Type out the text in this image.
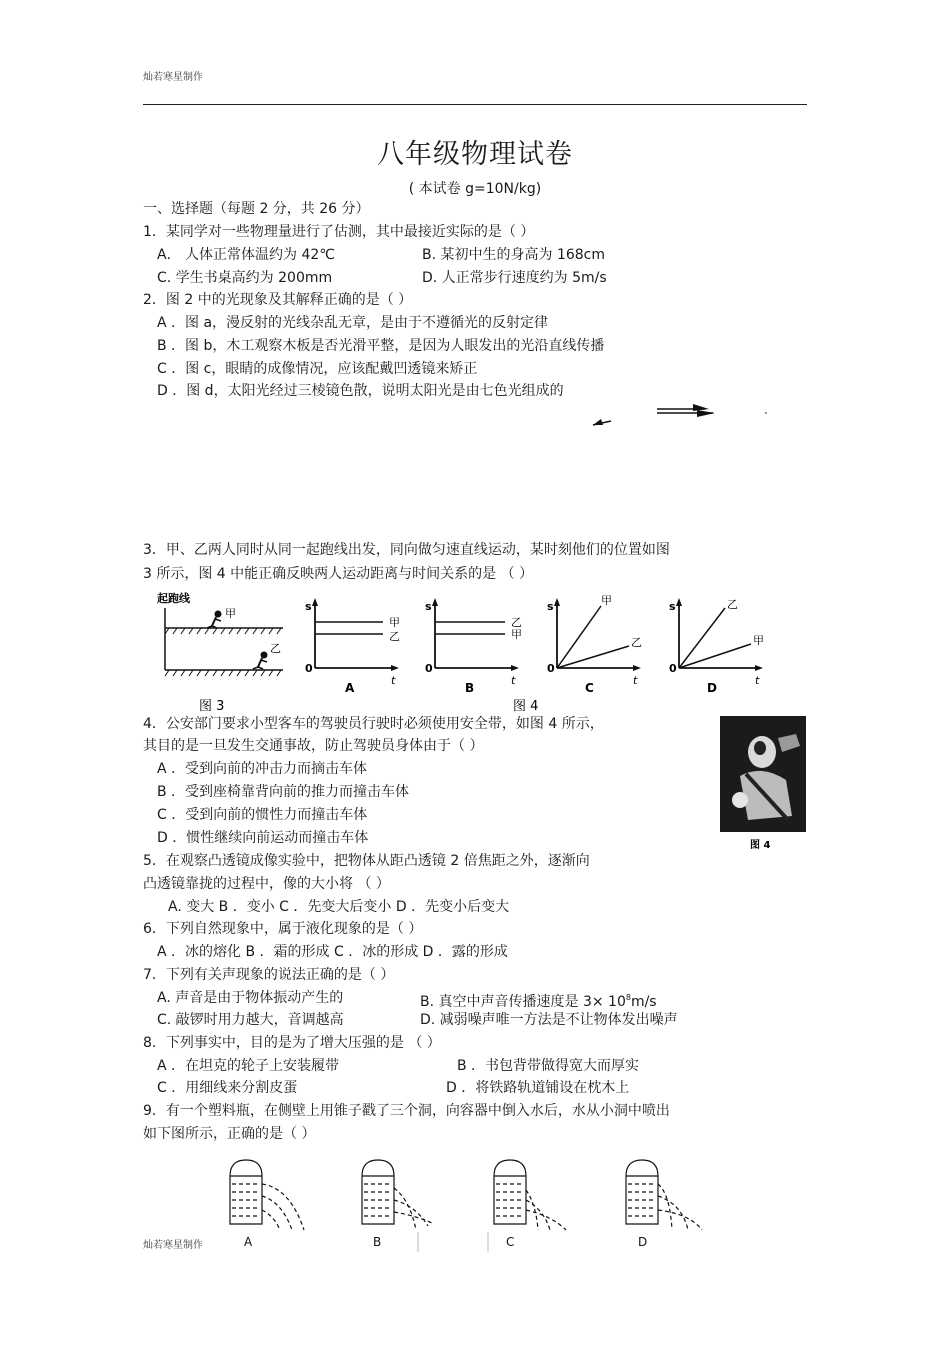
灿若寒星制作
八年级物理试卷
( 本试卷 g=10N/kg)
一、选择题（每题 2 分，共 26 分）
1．某同学对一些物理量进行了估测，其中最接近实际的是（ ）
A． 人体正常体温约为 42℃	B. 某初中生的身高为 168cm
C. 学生书桌高约为 200mm	D. 人正常步行速度约为 5m/s
2．图 2 中的光现象及其解释正确的是（ ）
A ．图 a，漫反射的光线杂乱无章，是由于不遵循光的反射定律
B ．图 b，木工观察木板是否光滑平整，是因为人眼发出的光沿直线传播
C ．图 c，眼睛的成像情况，应该配戴凹透镜来矫正
D ．图 d，太阳光经过三棱镜色散，说明太阳光是由七色光组成的
3．甲、乙两人同时从同一起跑线出发，同向做匀速直线运动，某时刻他们的位置如图
3 所示，图 4 中能正确反映两人运动距离与时间关系的是 （ ）
起跑线
甲
乙
图 3
s
0
t
甲
乙
A
s
0
t
乙
甲
B
图 4
s
0
t
甲
乙
C
s
0
t
乙
甲
D
4．公安部门要求小型客车的驾驶员行驶时必须使用安全带，如图 4 所示，
其目的是一旦发生交通事故，防止驾驶员身体由于（ ）
A ．受到向前的冲击力而摘击车体
B ．受到座椅靠背向前的推力而撞击车体
C ．受到向前的惯性力而撞击车体
D ．惯性继续向前运动而撞击车体	图 4
5．在观察凸透镜成像实验中，把物体从距凸透镜 2 倍焦距之外，逐渐向
凸透镜靠拢的过程中，像的大小将 （ ）
A. 变大 B ．变小 C ．先变大后变小 D ．先变小后变大
6．下列自然现象中，属于液化现象的是（ ）
A ．冰的熔化 B ．霜的形成 C ．冰的形成 D ．露的形成
7．下列有关声现象的说法正确的是（ ）
A. 声音是由于物体振动产生的	B. 真空中声音传播速度是 $3\times 10^8m/s$
C. 敲锣时用力越大，音调越高	D. 减弱噪声唯一方法是不让物体发出噪声
8．下列事实中，目的是为了增大压强的是 （ ）
A ．在坦克的轮子上安装履带	B ．书包背带做得宽大而厚实
C ．用细线来分割皮蛋	D ．将铁路轨道铺设在枕木上
9．有一个塑料瓶，在侧壁上用锥子戳了三个洞，向容器中倒入水后，水从小洞中喷出
如下图所示，正确的是（ ）
A	B	C	D
灿若寒星制作
